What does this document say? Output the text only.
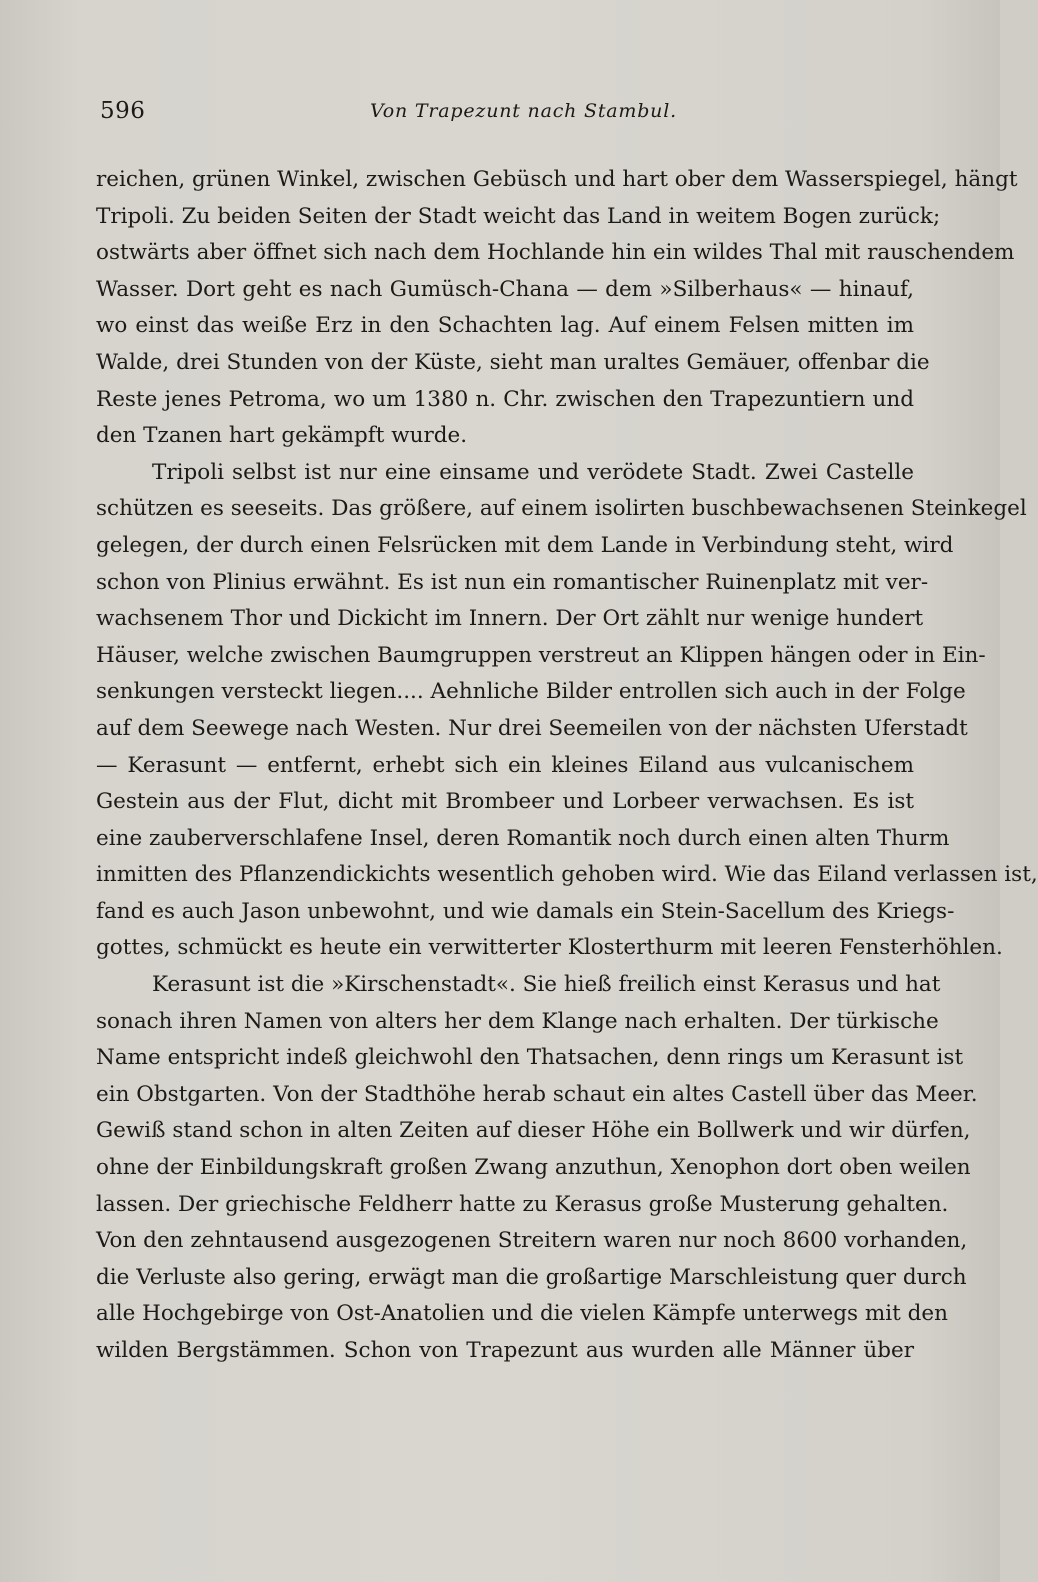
596	Von Trapezunt nach Stambul.
reichen, grünen Winkel, zwischen Gebüsch und hart ober dem Wasserspiegel, hängt
Tripoli. Zu beiden Seiten der Stadt weicht das Land in weitem Bogen zurück;
ostwärts aber öffnet sich nach dem Hochlande hin ein wildes Thal mit rauschendem
Wasser. Dort geht es nach Gumüsch-Chana — dem »Silberhaus« — hinauf,
wo einst das weiße Erz in den Schachten lag. Auf einem Felsen mitten im
Walde, drei Stunden von der Küste, sieht man uraltes Gemäuer, offenbar die
Reste jenes Petroma, wo um 1380 n. Chr. zwischen den Trapezuntiern und
den Tzanen hart gekämpft wurde.
Tripoli selbst ist nur eine einsame und verödete Stadt. Zwei Castelle
schützen es seeseits. Das größere, auf einem isolirten buschbewachsenen Steinkegel
gelegen, der durch einen Felsrücken mit dem Lande in Verbindung steht, wird
schon von Plinius erwähnt. Es ist nun ein romantischer Ruinenplatz mit ver-
wachsenem Thor und Dickicht im Innern. Der Ort zählt nur wenige hundert
Häuser, welche zwischen Baumgruppen verstreut an Klippen hängen oder in Ein-
senkungen versteckt liegen.... Aehnliche Bilder entrollen sich auch in der Folge
auf dem Seewege nach Westen. Nur drei Seemeilen von der nächsten Uferstadt
— Kerasunt — entfernt, erhebt sich ein kleines Eiland aus vulcanischem
Gestein aus der Flut, dicht mit Brombeer und Lorbeer verwachsen. Es ist
eine zauberverschlafene Insel, deren Romantik noch durch einen alten Thurm
inmitten des Pflanzendickichts wesentlich gehoben wird. Wie das Eiland verlassen ist,
fand es auch Jason unbewohnt, und wie damals ein Stein-Sacellum des Kriegs-
gottes, schmückt es heute ein verwitterter Klosterthurm mit leeren Fensterhöhlen.
Kerasunt ist die »Kirschenstadt«. Sie hieß freilich einst Kerasus und hat
sonach ihren Namen von alters her dem Klange nach erhalten. Der türkische
Name entspricht indeß gleichwohl den Thatsachen, denn rings um Kerasunt ist
ein Obstgarten. Von der Stadthöhe herab schaut ein altes Castell über das Meer.
Gewiß stand schon in alten Zeiten auf dieser Höhe ein Bollwerk und wir dürfen,
ohne der Einbildungskraft großen Zwang anzuthun, Xenophon dort oben weilen
lassen. Der griechische Feldherr hatte zu Kerasus große Musterung gehalten.
Von den zehntausend ausgezogenen Streitern waren nur noch 8600 vorhanden,
die Verluste also gering, erwägt man die großartige Marschleistung quer durch
alle Hochgebirge von Ost-Anatolien und die vielen Kämpfe unterwegs mit den
wilden Bergstämmen. Schon von Trapezunt aus wurden alle Männer über
